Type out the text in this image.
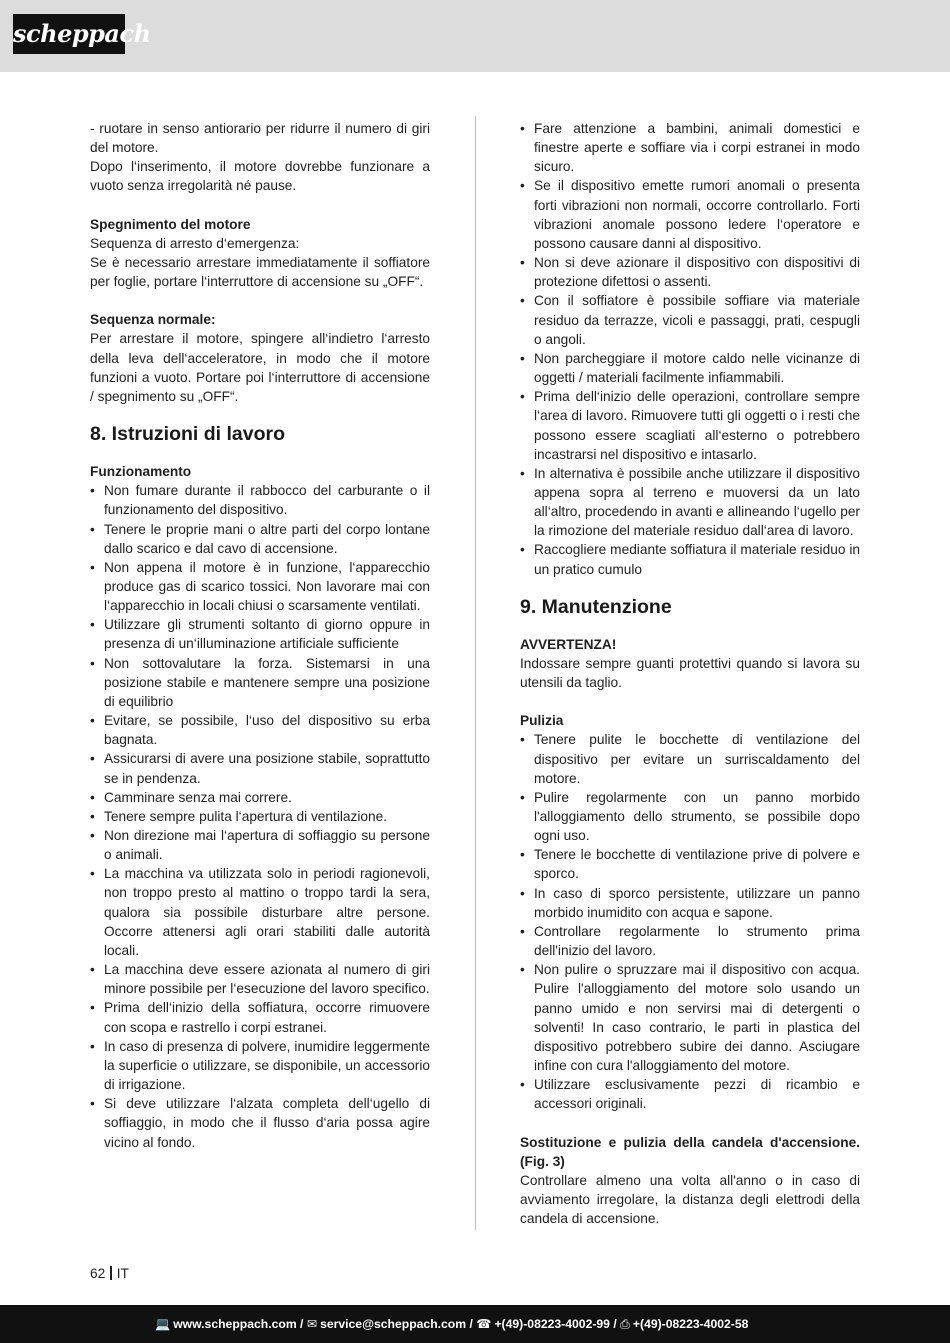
scheppach

- ruotare in senso antiorario per ridurre il numero di giri del motore.

Dopo l‘inserimento, il motore dovrebbe funzionare a vuoto senza irregolarità né pause.

Spegnimento del motore

Sequenza di arresto d‘emergenza:

Se è necessario arrestare immediatamente il soffiatore per foglie, portare l‘interruttore di accensione su „OFF“.

Sequenza normale:

Per arrestare il motore, spingere all‘indietro l‘arresto della leva dell‘acceleratore, in modo che il motore funzioni a vuoto. Portare poi l‘interruttore di accensione / spegnimento su „OFF“.

8. Istruzioni di lavoro

Funzionamento

• Non fumare durante il rabbocco del carburante o il funzionamento del dispositivo.
• Tenere le proprie mani o altre parti del corpo lontane dallo scarico e dal cavo di accensione.
• Non appena il motore è in funzione, l‘apparecchio produce gas di scarico tossici. Non lavorare mai con l‘apparecchio in locali chiusi o scarsamente ventilati.
• Utilizzare gli strumenti soltanto di giorno oppure in presenza di un‘illuminazione artificiale sufficiente
• Non sottovalutare la forza. Sistemarsi in una posizione stabile e mantenere sempre una posizione di equilibrio
• Evitare, se possibile, l‘uso del dispositivo su erba bagnata.
• Assicurarsi di avere una posizione stabile, soprattutto se in pendenza.
• Camminare senza mai correre.
• Tenere sempre pulita l‘apertura di ventilazione.
• Non direzione mai l‘apertura di soffiaggio su persone o animali.
• La macchina va utilizzata solo in periodi ragionevoli, non troppo presto al mattino o troppo tardi la sera, qualora sia possibile disturbare altre persone. Occorre attenersi agli orari stabiliti dalle autorità locali.
• La macchina deve essere azionata al numero di giri minore possibile per l‘esecuzione del lavoro specifico.
• Prima dell‘inizio della soffiatura, occorre rimuovere con scopa e rastrello i corpi estranei.
• In caso di presenza di polvere, inumidire leggermente la superficie o utilizzare, se disponibile, un accessorio di irrigazione.
• Si deve utilizzare l‘alzata completa dell‘ugello di soffiaggio, in modo che il flusso d‘aria possa agire vicino al fondo.
• Fare attenzione a bambini, animali domestici e finestre aperte e soffiare via i corpi estranei in modo sicuro.
• Se il dispositivo emette rumori anomali o presenta forti vibrazioni non normali, occorre controllarlo. Forti vibrazioni anomale possono ledere l‘operatore e possono causare danni al dispositivo.
• Non si deve azionare il dispositivo con dispositivi di protezione difettosi o assenti.
• Con il soffiatore è possibile soffiare via materiale residuo da terrazze, vicoli e passaggi, prati, cespugli o angoli.
• Non parcheggiare il motore caldo nelle vicinanze di oggetti / materiali facilmente infiammabili.
• Prima dell‘inizio delle operazioni, controllare sempre l‘area di lavoro. Rimuovere tutti gli oggetti o i resti che possono essere scagliati all‘esterno o potrebbero incastrarsi nel dispositivo e intasarlo.
• In alternativa è possibile anche utilizzare il dispositivo appena sopra al terreno e muoversi da un lato all‘altro, procedendo in avanti e allineando l‘ugello per la rimozione del materiale residuo dall‘area di lavoro.
• Raccogliere mediante soffiatura il materiale residuo in un pratico cumulo
9. Manutenzione

AVVERTENZA!

Indossare sempre guanti protettivi quando si lavora su utensili da taglio.

Pulizia

• Tenere pulite le bocchette di ventilazione del dispositivo per evitare un surriscaldamento del motore.
• Pulire regolarmente con un panno morbido l'alloggiamento dello strumento, se possibile dopo ogni uso.
• Tenere le bocchette di ventilazione prive di polvere e sporco.
• In caso di sporco persistente, utilizzare un panno morbido inumidito con acqua e sapone.
• Controllare regolarmente lo strumento prima dell'inizio del lavoro.
• Non pulire o spruzzare mai il dispositivo con acqua. Pulire l'alloggiamento del motore solo usando un panno umido e non servirsi mai di detergenti o solventi! In caso contrario, le parti in plastica del dispositivo potrebbero subire dei danno. Asciugare infine con cura l'alloggiamento del motore.
• Utilizzare esclusivamente pezzi di ricambio e accessori originali.

Sostituzione e pulizia della candela d'accensione. (Fig. 3)

Controllare almeno una volta all'anno o in caso di avviamento irregolare, la distanza degli elettrodi della candela di accensione.

62 IT
💻 www.scheppach.com / ✉ service@scheppach.com / ☎ +(49)-08223-4002-99 / ⎙ +(49)-08223-4002-58
